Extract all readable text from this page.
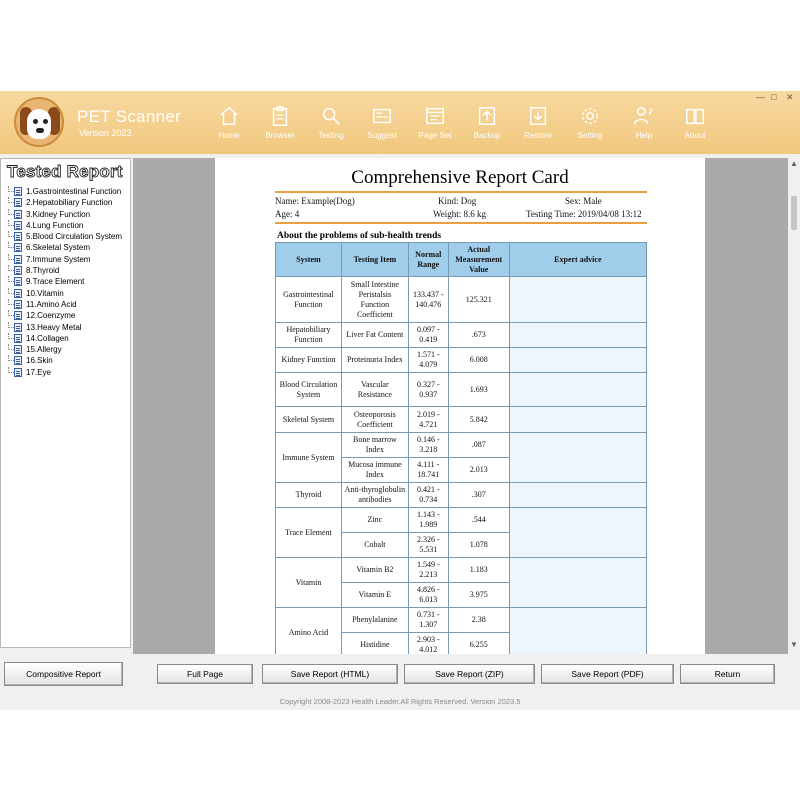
PET Scanner
Version 2023	Home	Browser	Testing	Suggest	Page Set	Backup	Restore	Setting	Help	About
— □ ✕
Tested Report
1.Gastrointestinal Function
2.Hepatobiliary Function
3.Kidney Function
4.Lung Function
5.Blood Circulation System
6.Skeletal System
7.Immune System
8.Thyroid
9.Trace Element
10.Vitamin
11.Amino Acid
12.Coenzyme
13.Heavy Metal
14.Collagen
15.Allergy
16.Skin
17.Eye
Compositive Report
Comprehensive Report Card
Name: Example(Dog)	Kind: Dog	Sex: Male
Age: 4	Weight: 8.6 kg	Testing Time: 2019/04/08 13:12
About the problems of sub-health trends
System	Testing Item	Normal Range	Actual Measurement Value	Expert advice
Gastrointestinal Function	Small Intestine Peristalsis Function Coefficient	133.437 - 140.476	125.321	
Hepatobiliary Function	Liver Fat Content	0.097 - 0.419	.673	
Kidney Function	Proteinuria Index	1.571 - 4.079	6.008	
Blood Circulation System	Vascular Resistance	0.327 - 0.937	1.693	
Skeletal System	Osteoporosis Coefficient	2.019 - 4.721	5.842	
Immune System	Bone marrow Index	0.146 - 3.218	.087	
	Mucosa immune Index	4.111 - 18.741	2.013	
Thyroid	Anti-thyroglobulin antibodies	0.421 - 0.734	.307	
Trace Element	Zinc	1.143 - 1.989	.544	
	Cobalt	2.326 - 5.531	1.078	
Vitamin	Vitamin B2	1.549 - 2.213	1.183	
	Vitamin E	4.826 - 6.013	3.975	
Amino Acid	Phenylalanine	0.731 - 1.307	2.38	
	Histidine	2.903 - 4.012	6.255	
▲
▼
Full Page	Save Report (HTML)	Save Report (ZIP)	Save Report (PDF)	Return
Copyright 2008-2023 Health Leader.All Rights Reserved. Version 2023.5
